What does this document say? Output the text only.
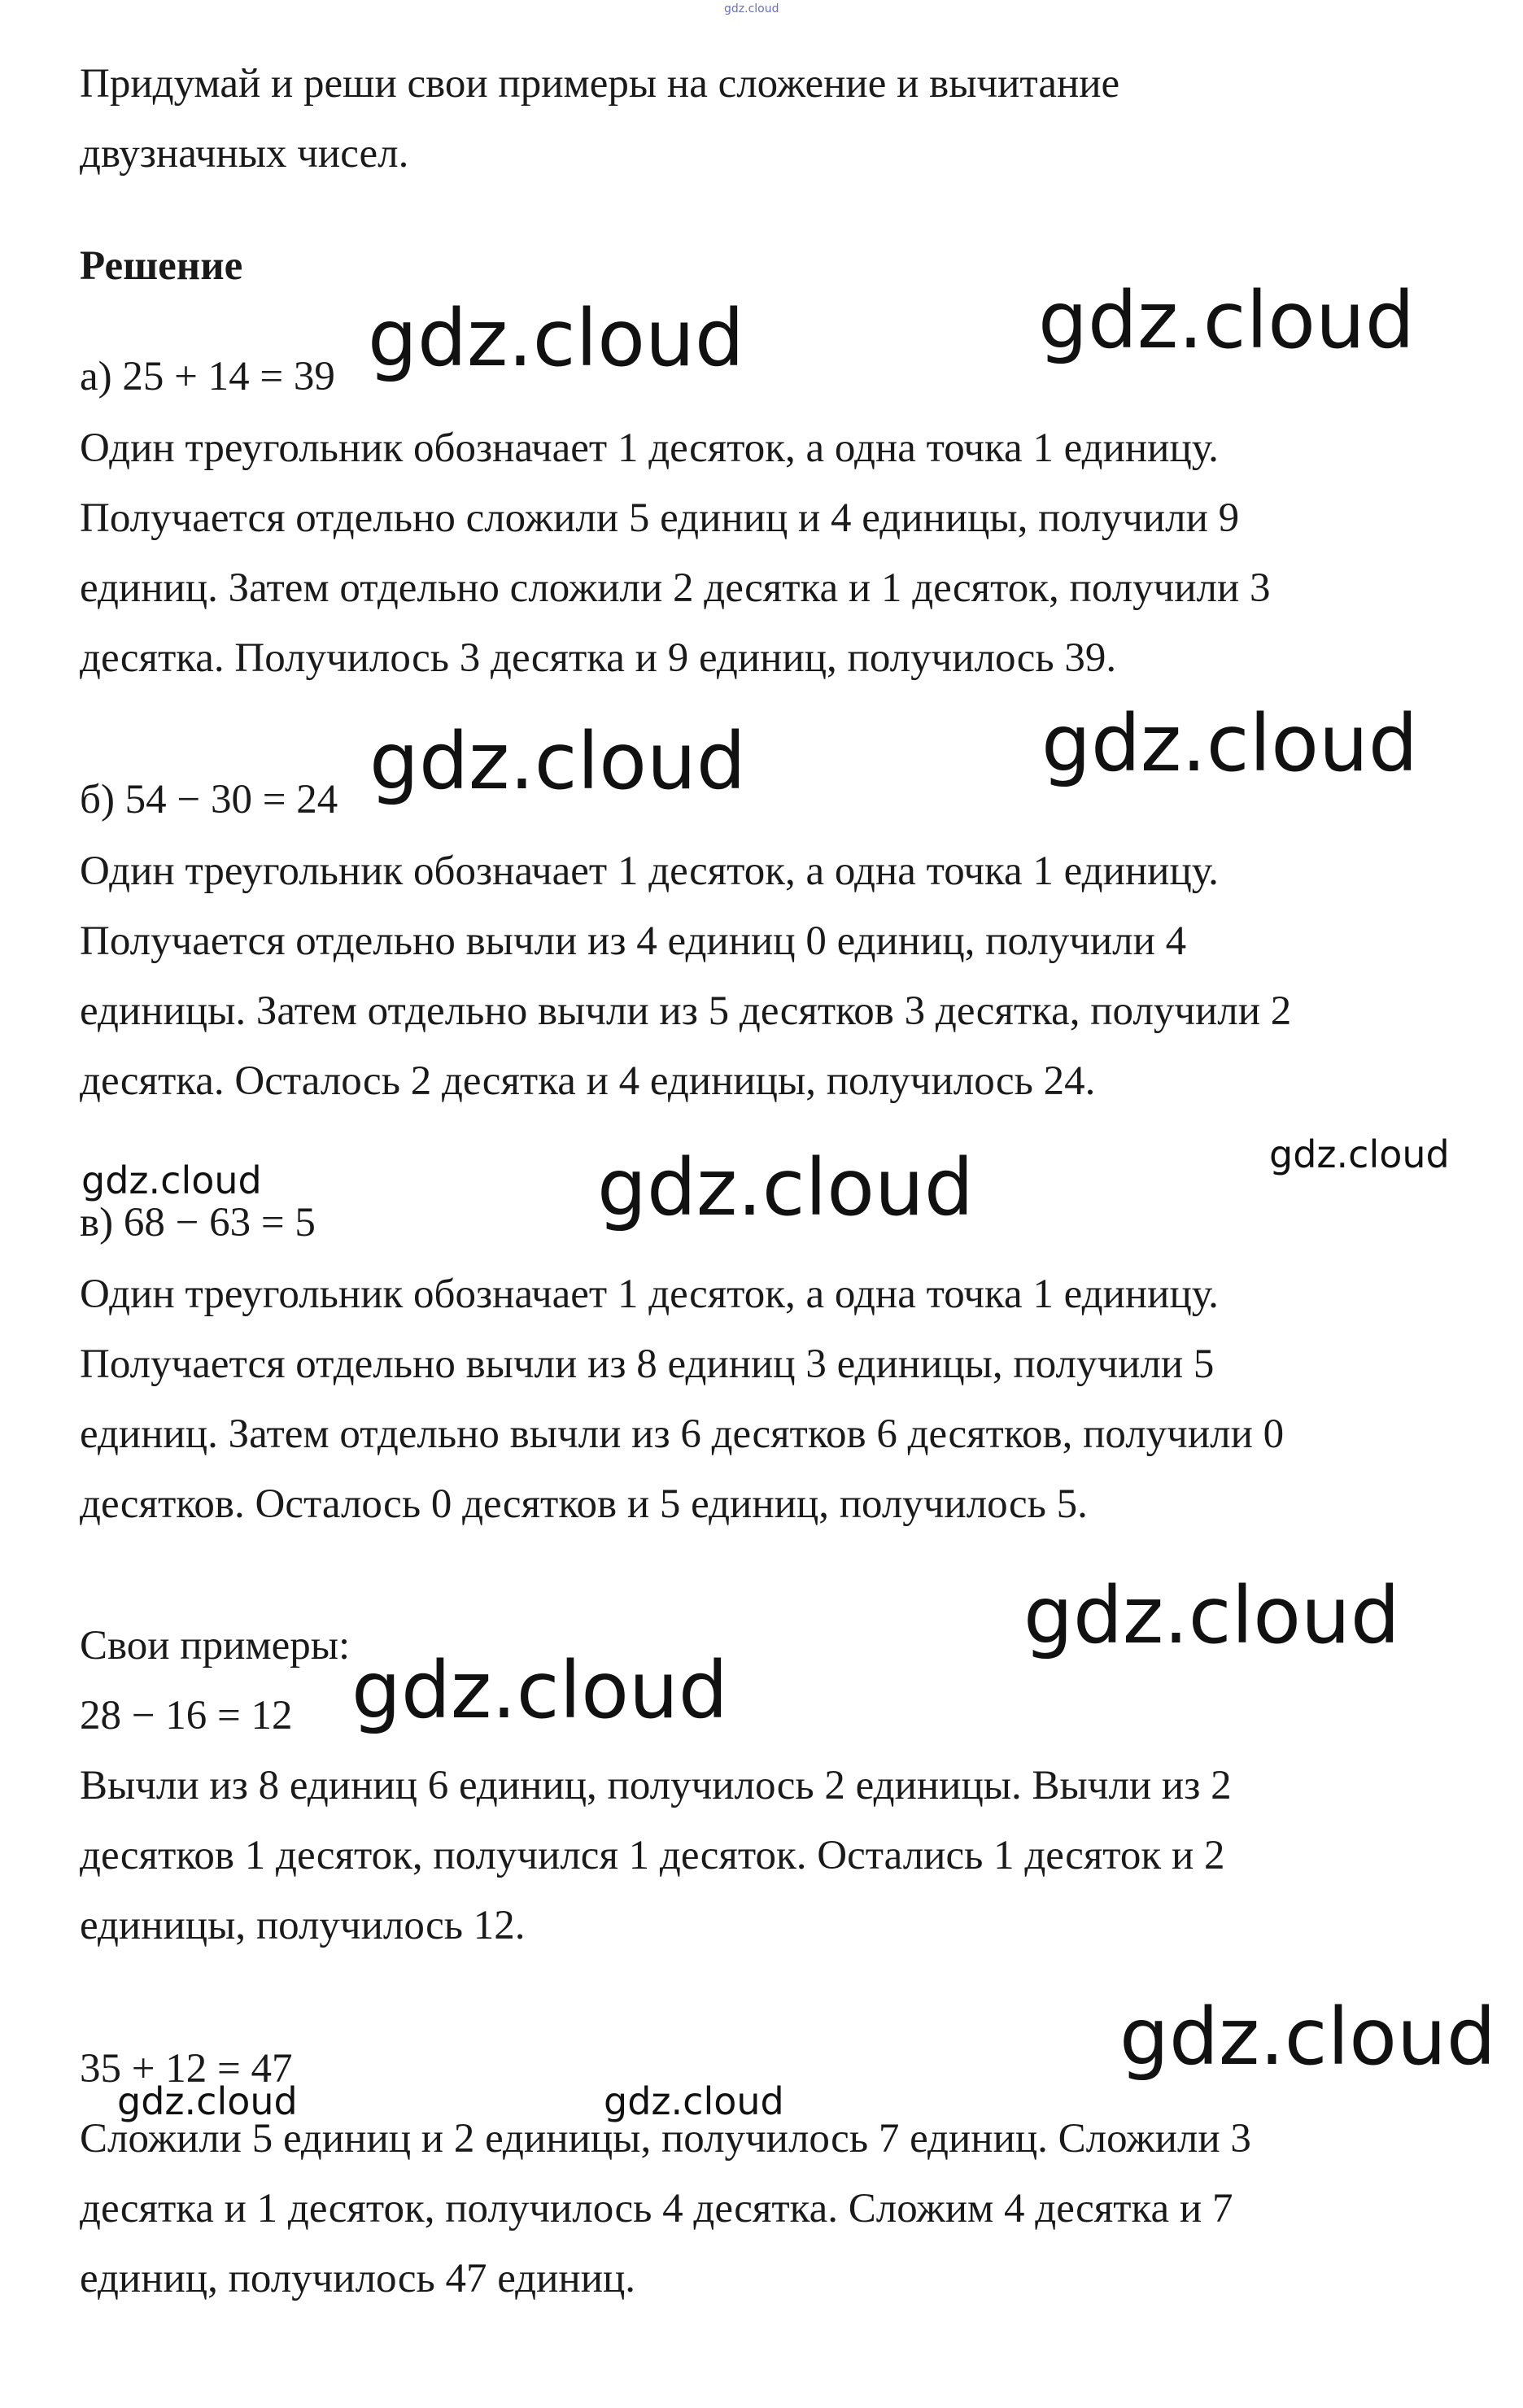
gdz.cloud

Придумай и реши свои примеры на сложение и вычитание

двузначных чисел.

Решение

а) 25 + 14 = 39

Один треугольник обозначает 1 десяток, а одна точка 1 единицу.

Получается отдельно сложили 5 единиц и 4 единицы, получили 9

единиц. Затем отдельно сложили 2 десятка и 1 десяток, получили 3

десятка. Получилось 3 десятка и 9 единиц, получилось 39.

б) 54 − 30 = 24

Один треугольник обозначает 1 десяток, а одна точка 1 единицу.

Получается отдельно вычли из 4 единиц 0 единиц, получили 4

единицы. Затем отдельно вычли из 5 десятков 3 десятка, получили 2

десятка. Осталось 2 десятка и 4 единицы, получилось 24.

в) 68 − 63 = 5

Один треугольник обозначает 1 десяток, а одна точка 1 единицу.

Получается отдельно вычли из 8 единиц 3 единицы, получили 5

единиц. Затем отдельно вычли из 6 десятков 6 десятков, получили 0

десятков. Осталось 0 десятков и 5 единиц, получилось 5.

Свои примеры:

28 − 16 = 12

Вычли из 8 единиц 6 единиц, получилось 2 единицы. Вычли из 2

десятков 1 десяток, получился 1 десяток. Остались 1 десяток и 2

единицы, получилось 12.

35 + 12 = 47

Сложили 5 единиц и 2 единицы, получилось 7 единиц. Сложили 3

десятка и 1 десяток, получилось 4 десятка. Сложим 4 десятка и 7

единиц, получилось 47 единиц.

gdz.cloud	gdz.cloud
gdz.cloud	gdz.cloud
gdz.cloud	gdz.cloud	gdz.cloud
gdz.cloud
gdz.cloud
gdz.cloud
gdz.cloud	gdz.cloud
